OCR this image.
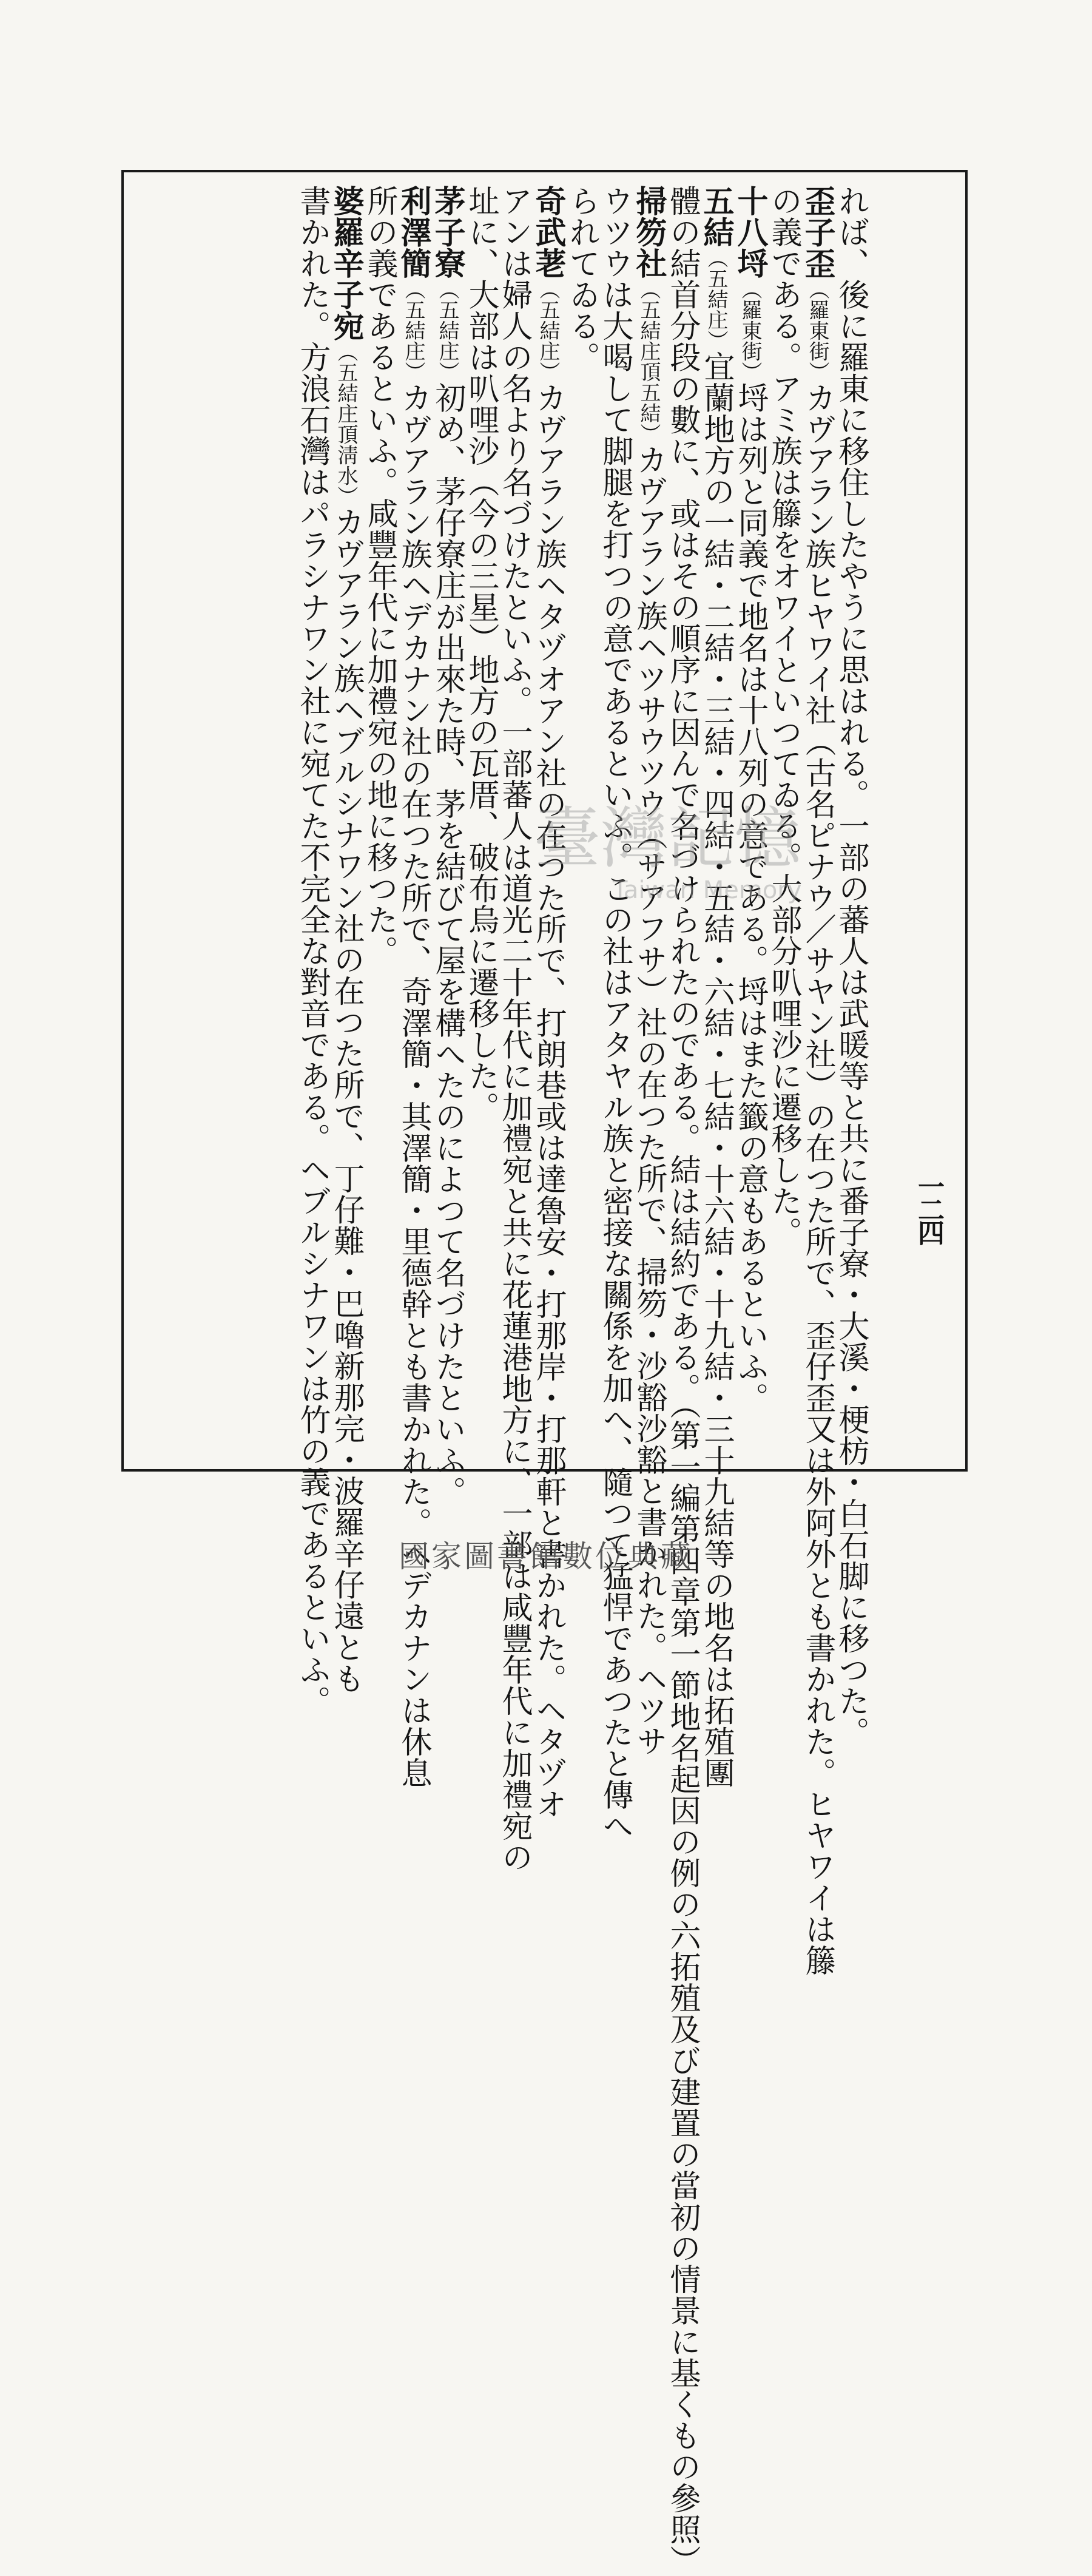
れば、後に羅東に移住したやうに思はれる。一部の蕃人は武暖等と共に番子寮・大溪・梗枋・白石脚に移つた。
歪子歪（羅東街）カヴアラン族ヒヤワイ社（古名ピナウ／サヤン社）の在つた所で、歪仔歪又は外阿外とも書かれた。ヒヤワイは籐
の義である。アミ族は籐をオワイといつてゐる。大部分叭哩沙に遷移した。
十八埒（羅東街）埒は列と同義で地名は十八列の意である。埒はまた籤の意もあるといふ。
五結（五結庄）宜蘭地方の一結・二結・三結・四結・五結・六結・七結・十六結・十九結・三十九結等の地名は拓殖團
體の結首分段の數に、或はその順序に因んで名づけられたのである。結は結約である。（第一編第四章第一節地名起因の例の六拓殖及び建置の當初の情景に基くもの參照）
掃笏社（五結庄頂五結）カヴアラン族ヘツサウツウ（サアフサ）社の在つた所で、掃笏・沙豁沙豁と書かれた。ヘツサ
ウツウは大喝して脚腿を打つの意であるといふ。この社はアタヤル族と密接な關係を加へ、隨つて猛悍であつたと傳へ
られてゐる。
奇武荖（五結庄）カヴアラン族ヘタヅオアン社の在つた所で、打朗巷或は達魯安・打那岸・打那軒と書かれた。ヘタヅオ
アンは婦人の名より名づけたといふ。一部蕃人は道光二十年代に加禮宛と共に花蓮港地方に、一部は咸豐年代に加禮宛の
址に、大部は叭哩沙（今の三星）地方の瓦厝、破布烏に遷移した。
茅子寮（五結庄）初め、茅仔寮庄が出來た時、茅を結びて屋を構へたのによつて名づけたといふ。
利澤簡（五結庄）カヴアラン族ヘデカナン社の在つた所で、奇澤簡・其澤簡・里德幹とも書かれた。ヘデカナンは休息
所の義であるといふ。咸豐年代に加禮宛の地に移つた。
婆羅辛子宛（五結庄頂淸水）カヴアラン族ヘブルシナワン社の在つた所で、丁仔難・巴嚕新那完・波羅辛仔遠とも
書かれた。方浪石灣はパラシナワン社に宛てた不完全な對音である。ヘブルシナワンは竹の義であるといふ。	一二四
臺灣記憶
Taiwan Memory
國家圖書館數位典藏
